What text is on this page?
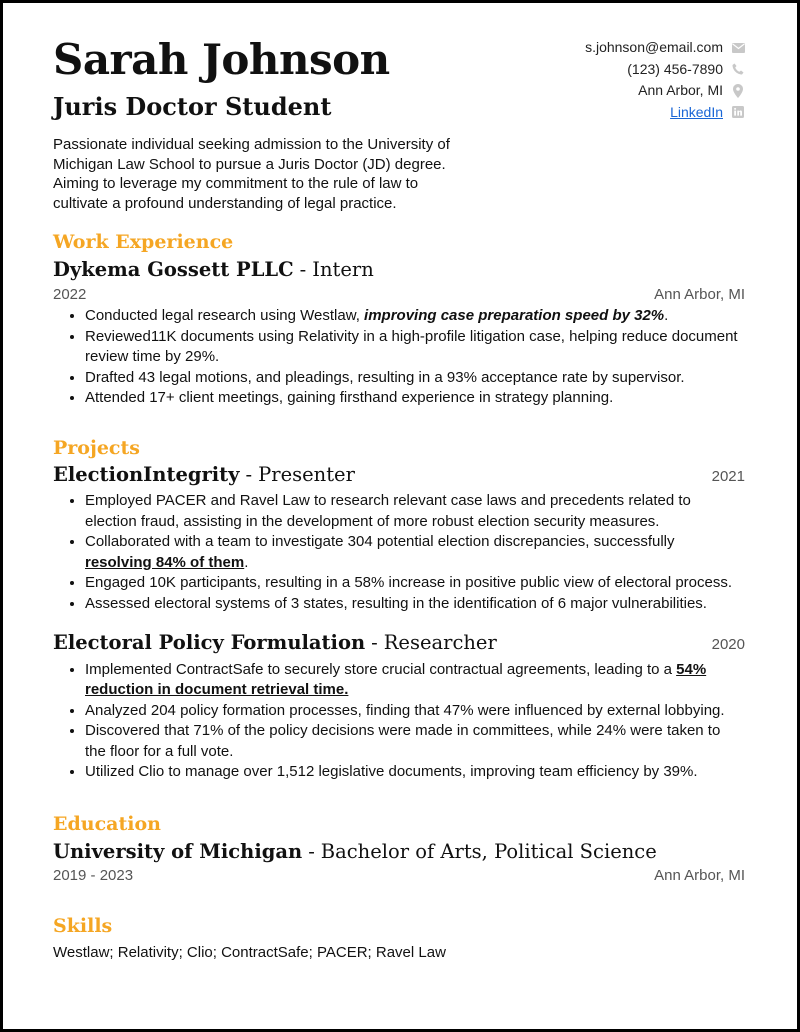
Sarah Johnson
Juris Doctor Student
s.johnson@email.com
(123) 456-7890
Ann Arbor, MI
LinkedIn

Passionate individual seeking admission to the University of Michigan Law School to pursue a Juris Doctor (JD) degree. Aiming to leverage my commitment to the rule of law to cultivate a profound understanding of legal practice.

Work Experience
Dykema Gossett PLLC - Intern
2022	Ann Arbor, MI
• Conducted legal research using Westlaw, improving case preparation speed by 32%.
• Reviewed11K documents using Relativity in a high-profile litigation case, helping reduce document review time by 29%.
• Drafted 43 legal motions, and pleadings, resulting in a 93% acceptance rate by supervisor.
• Attended 17+ client meetings, gaining firsthand experience in strategy planning.
Projects
ElectionIntegrity - Presenter	2021
• Employed PACER and Ravel Law to research relevant case laws and precedents related to election fraud, assisting in the development of more robust election security measures.
• Collaborated with a team to investigate 304 potential election discrepancies, successfully resolving 84% of them.
• Engaged 10K participants, resulting in a 58% increase in positive public view of electoral process.
• Assessed electoral systems of 3 states, resulting in the identification of 6 major vulnerabilities.
Electoral Policy Formulation - Researcher	2020
• Implemented ContractSafe to securely store crucial contractual agreements, leading to a 54% reduction in document retrieval time.
• Analyzed 204 policy formation processes, finding that 47% were influenced by external lobbying.
• Discovered that 71% of the policy decisions were made in committees, while 24% were taken to the floor for a full vote.
• Utilized Clio to manage over 1,512 legislative documents, improving team efficiency by 39%.
Education
University of Michigan - Bachelor of Arts, Political Science
2019 - 2023	Ann Arbor, MI
Skills

Westlaw; Relativity; Clio; ContractSafe; PACER; Ravel Law
